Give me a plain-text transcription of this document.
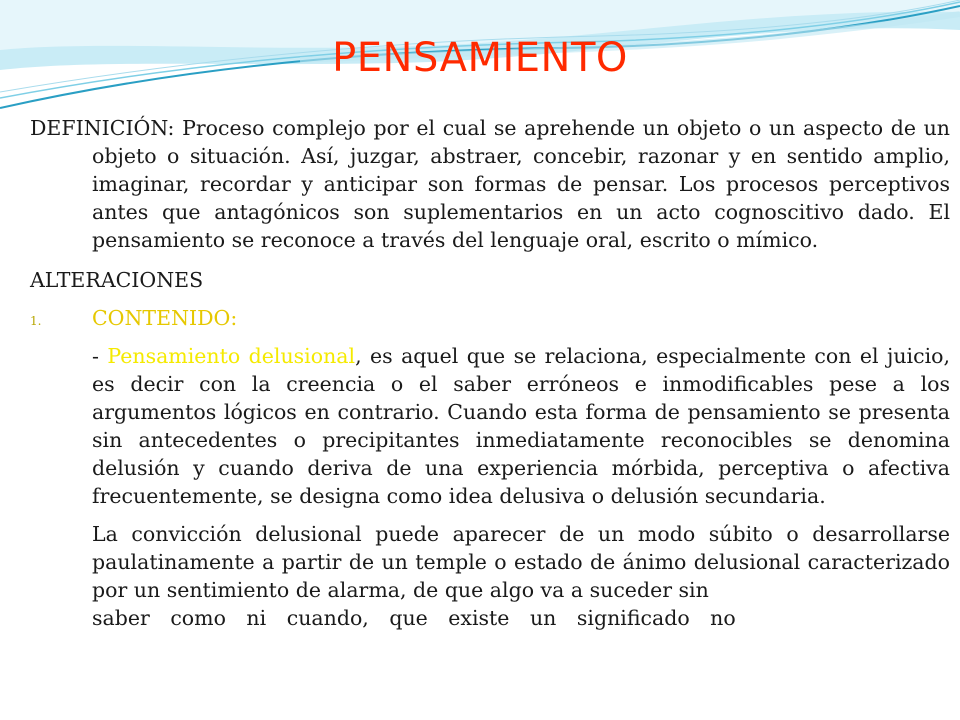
PENSAMIENTO

DEFINICIÓN: Proceso complejo por el cual se aprehende un objeto o un aspecto de un objeto o situación. Así, juzgar, abstraer, concebir, razonar y en sentido amplio, imaginar, recordar y anticipar son formas de pensar. Los procesos perceptivos antes que antagónicos son suplementarios en un acto cognoscitivo dado. El pensamiento se reconoce a través del lenguaje oral, escrito o mímico.

ALTERACIONES

1. CONTENIDO:

- Pensamiento delusional, es aquel que se relaciona, especialmente con el juicio, es decir con la creencia o el saber erróneos e inmodificables pese a los argumentos lógicos en contrario. Cuando esta forma de pensamiento se presenta sin antecedentes o precipitantes inmediatamente reconocibles se denomina delusión y cuando deriva de una experiencia mórbida, perceptiva o afectiva frecuentemente, se designa como idea delusiva o delusión secundaria.

La convicción delusional puede aparecer de un modo súbito o desarrollarse paulatinamente a partir de un temple o estado de ánimo delusional caracterizado por un sentimiento de alarma, de que algo va a suceder sin

saber como ni cuando, que existe un significado no
